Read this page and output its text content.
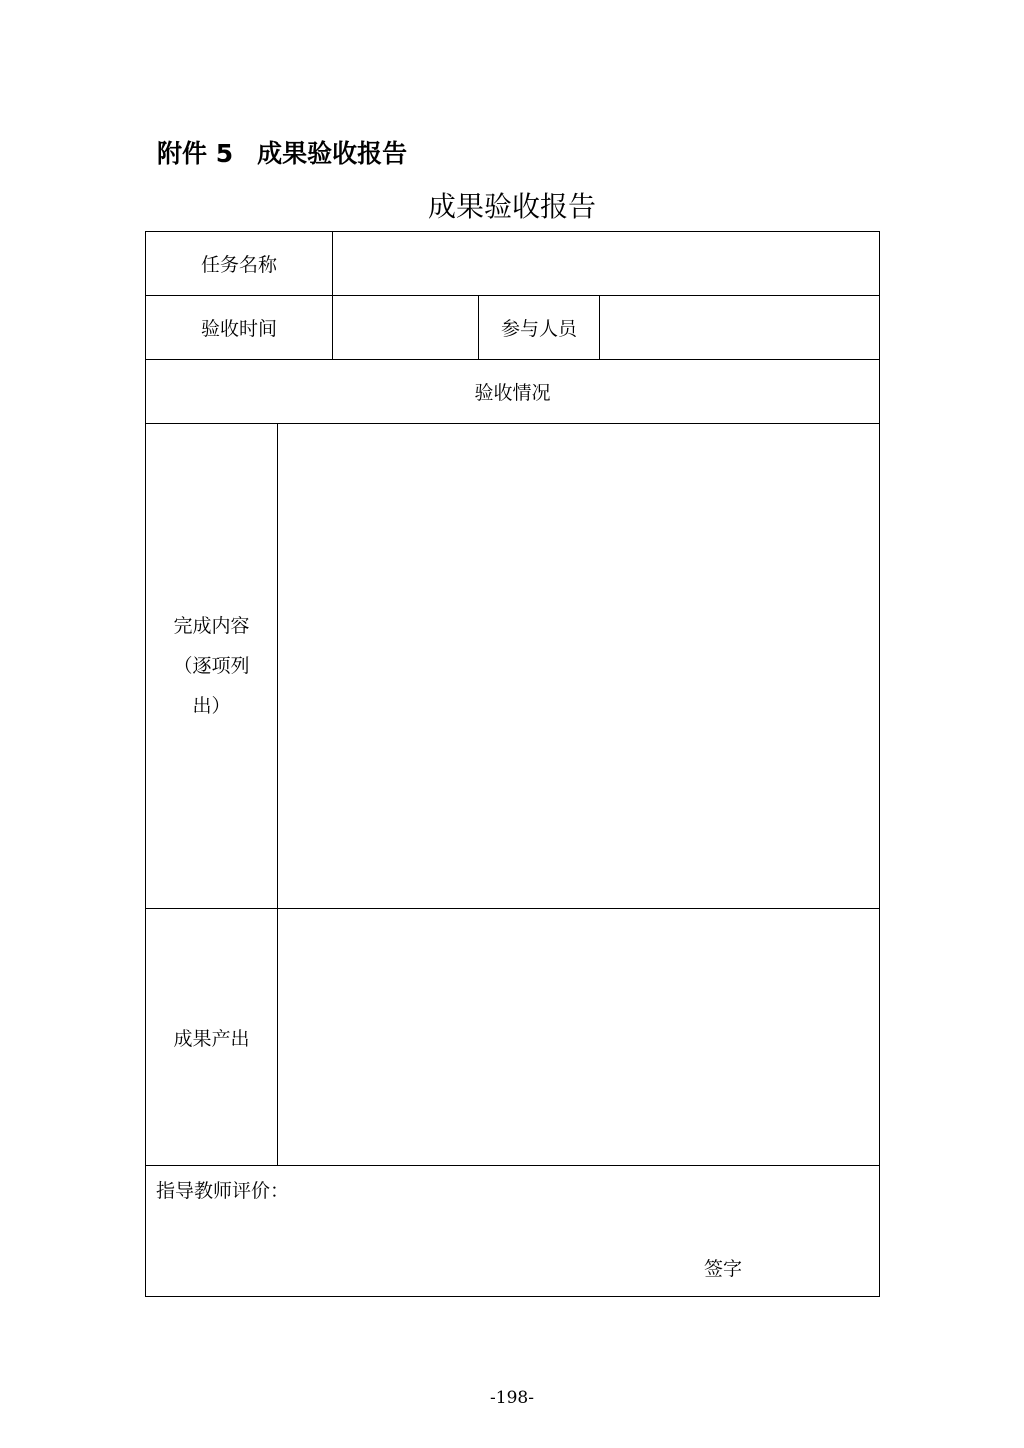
附件 5 成果验收报告
成果验收报告
任务名称				
验收时间			参与人员	
验收情况				

完成内容
（逐项列
出）				

成果产出				

指导教师评价：
签字				
-198-
